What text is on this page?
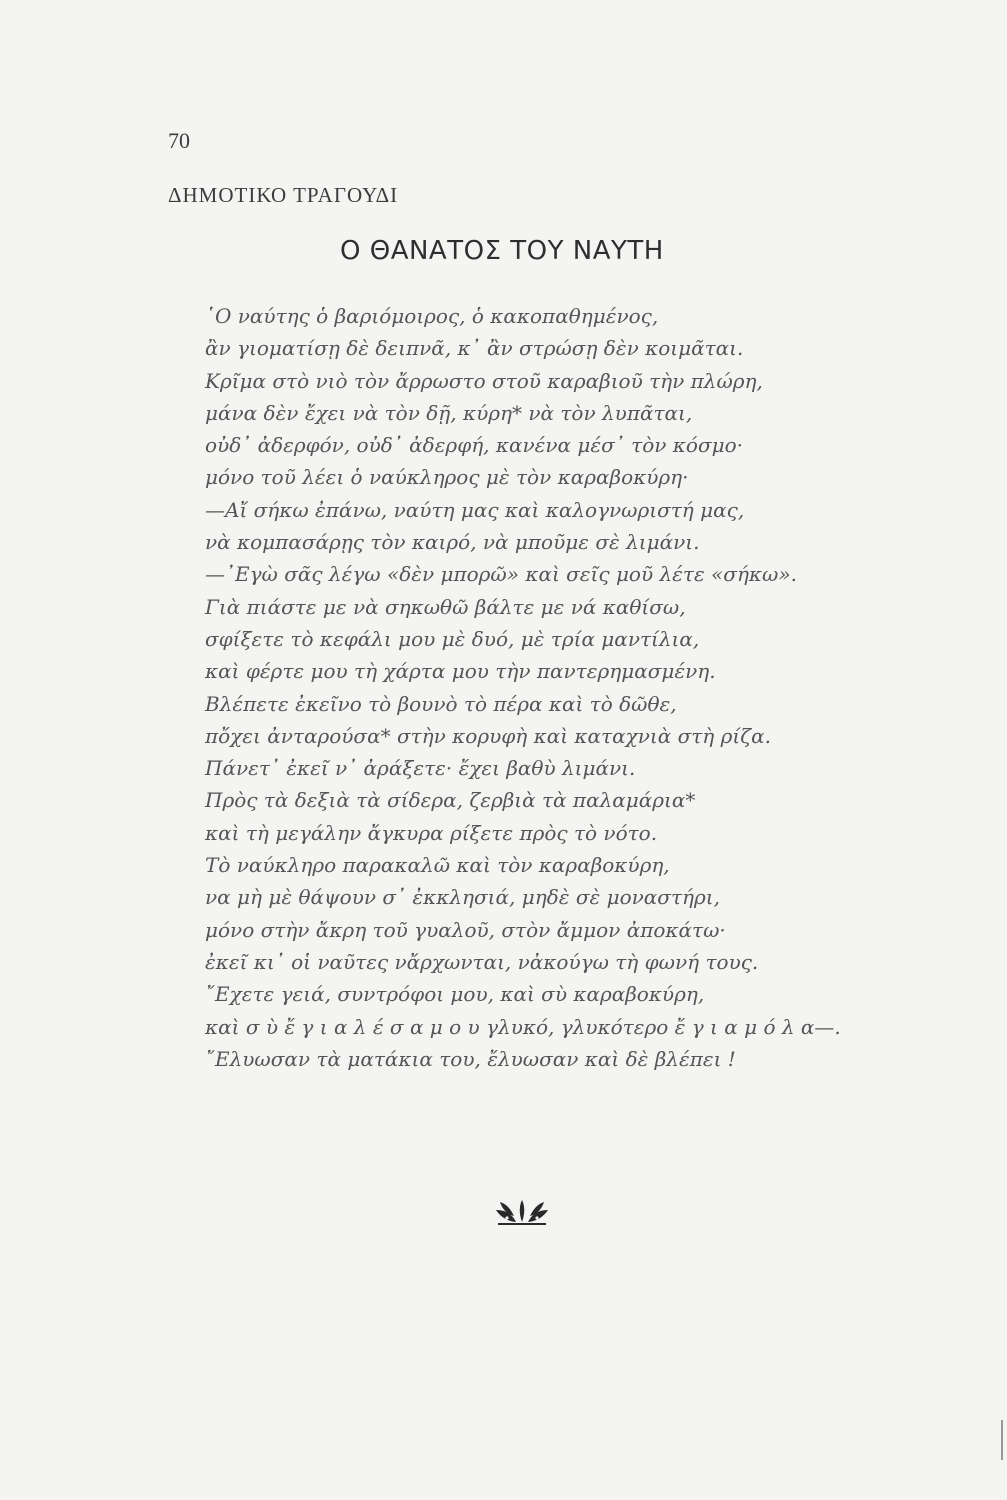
70
ΔΗΜΟΤΙΚΟ ΤΡΑΓΟΥΔΙ
Ο ΘΑΝΑΤΟΣ ΤΟΥ ΝΑΥΤΗ
῾Ο ναύτης ὁ βαριόμοιρος, ὁ κακοπαθημένος,
ἂν γιοματίσῃ δὲ δειπνᾶ, κ᾽ ἂν στρώσῃ δὲν κοιμᾶται.
Κρῖμα στὸ νιὸ τὸν ἄρρωστο στοῦ καραβιοῦ τὴν πλώρη,
μάνα δὲν ἔχει νὰ τὸν δῇ, κύρη* νὰ τὸν λυπᾶται,
οὐδ᾽ ἀδερφόν, οὐδ᾽ ἀδερφή, κανένα μέσ᾽ τὸν κόσμο·
μόνο τοῦ λέει ὁ ναύκληρος μὲ τὸν καραβοκύρη·
—Αἴ σήκω ἐπάνω, ναύτη μας καὶ καλογνωριστή μας,
νὰ κομπασάρῃς τὸν καιρό, νὰ μποῦμε σὲ λιμάνι.
—᾿Εγὼ σᾶς λέγω «δὲν μπορῶ» καὶ σεῖς μοῦ λέτε «σήκω».
Γιὰ πιάστε με νὰ σηκωθῶ βάλτε με νά καθίσω,
σφίξετε τὸ κεφάλι μου μὲ δυό, μὲ τρία μαντίλια,
καὶ φέρτε μου τὴ χάρτα μου τὴν παντερημασμένη.
Βλέπετε ἐκεῖνο τὸ βουνὸ τὸ πέρα καὶ τὸ δῶθε,
πὄχει ἀνταρούσα* στὴν κορυφὴ καὶ καταχνιὰ στὴ ρίζα.
Πάνετ᾽ ἐκεῖ ν᾽ ἀράξετε· ἔχει βαθὺ λιμάνι.
Πρὸς τὰ δεξιὰ τὰ σίδερα, ζερβιὰ τὰ παλαμάρια*
καὶ τὴ μεγάλην ἄγκυρα ρίξετε πρὸς τὸ νότο.
Τὸ ναύκληρο παρακαλῶ καὶ τὸν καραβοκύρη,
να μὴ μὲ θάψουν σ᾽ ἐκκλησιά, μηδὲ σὲ μοναστήρι,
μόνο στὴν ἄκρη τοῦ γυαλοῦ, στὸν ἄμμον ἀποκάτω·
ἐκεῖ κι᾽ οἱ ναῦτες νἄρχωνται, νἀκούγω τὴ φωνή τους.
῎Εχετε γειά, συντρόφοι μου, καὶ σὺ καραβοκύρη,
καὶ σ ὺ ἔ γ ι α λ έ σ α μ ο υ γλυκό, γλυκότερο ἔ γ ι α μ ό λ α—.
῎Ελυωσαν τὰ ματάκια του, ἔλυωσαν καὶ δὲ βλέπει !
